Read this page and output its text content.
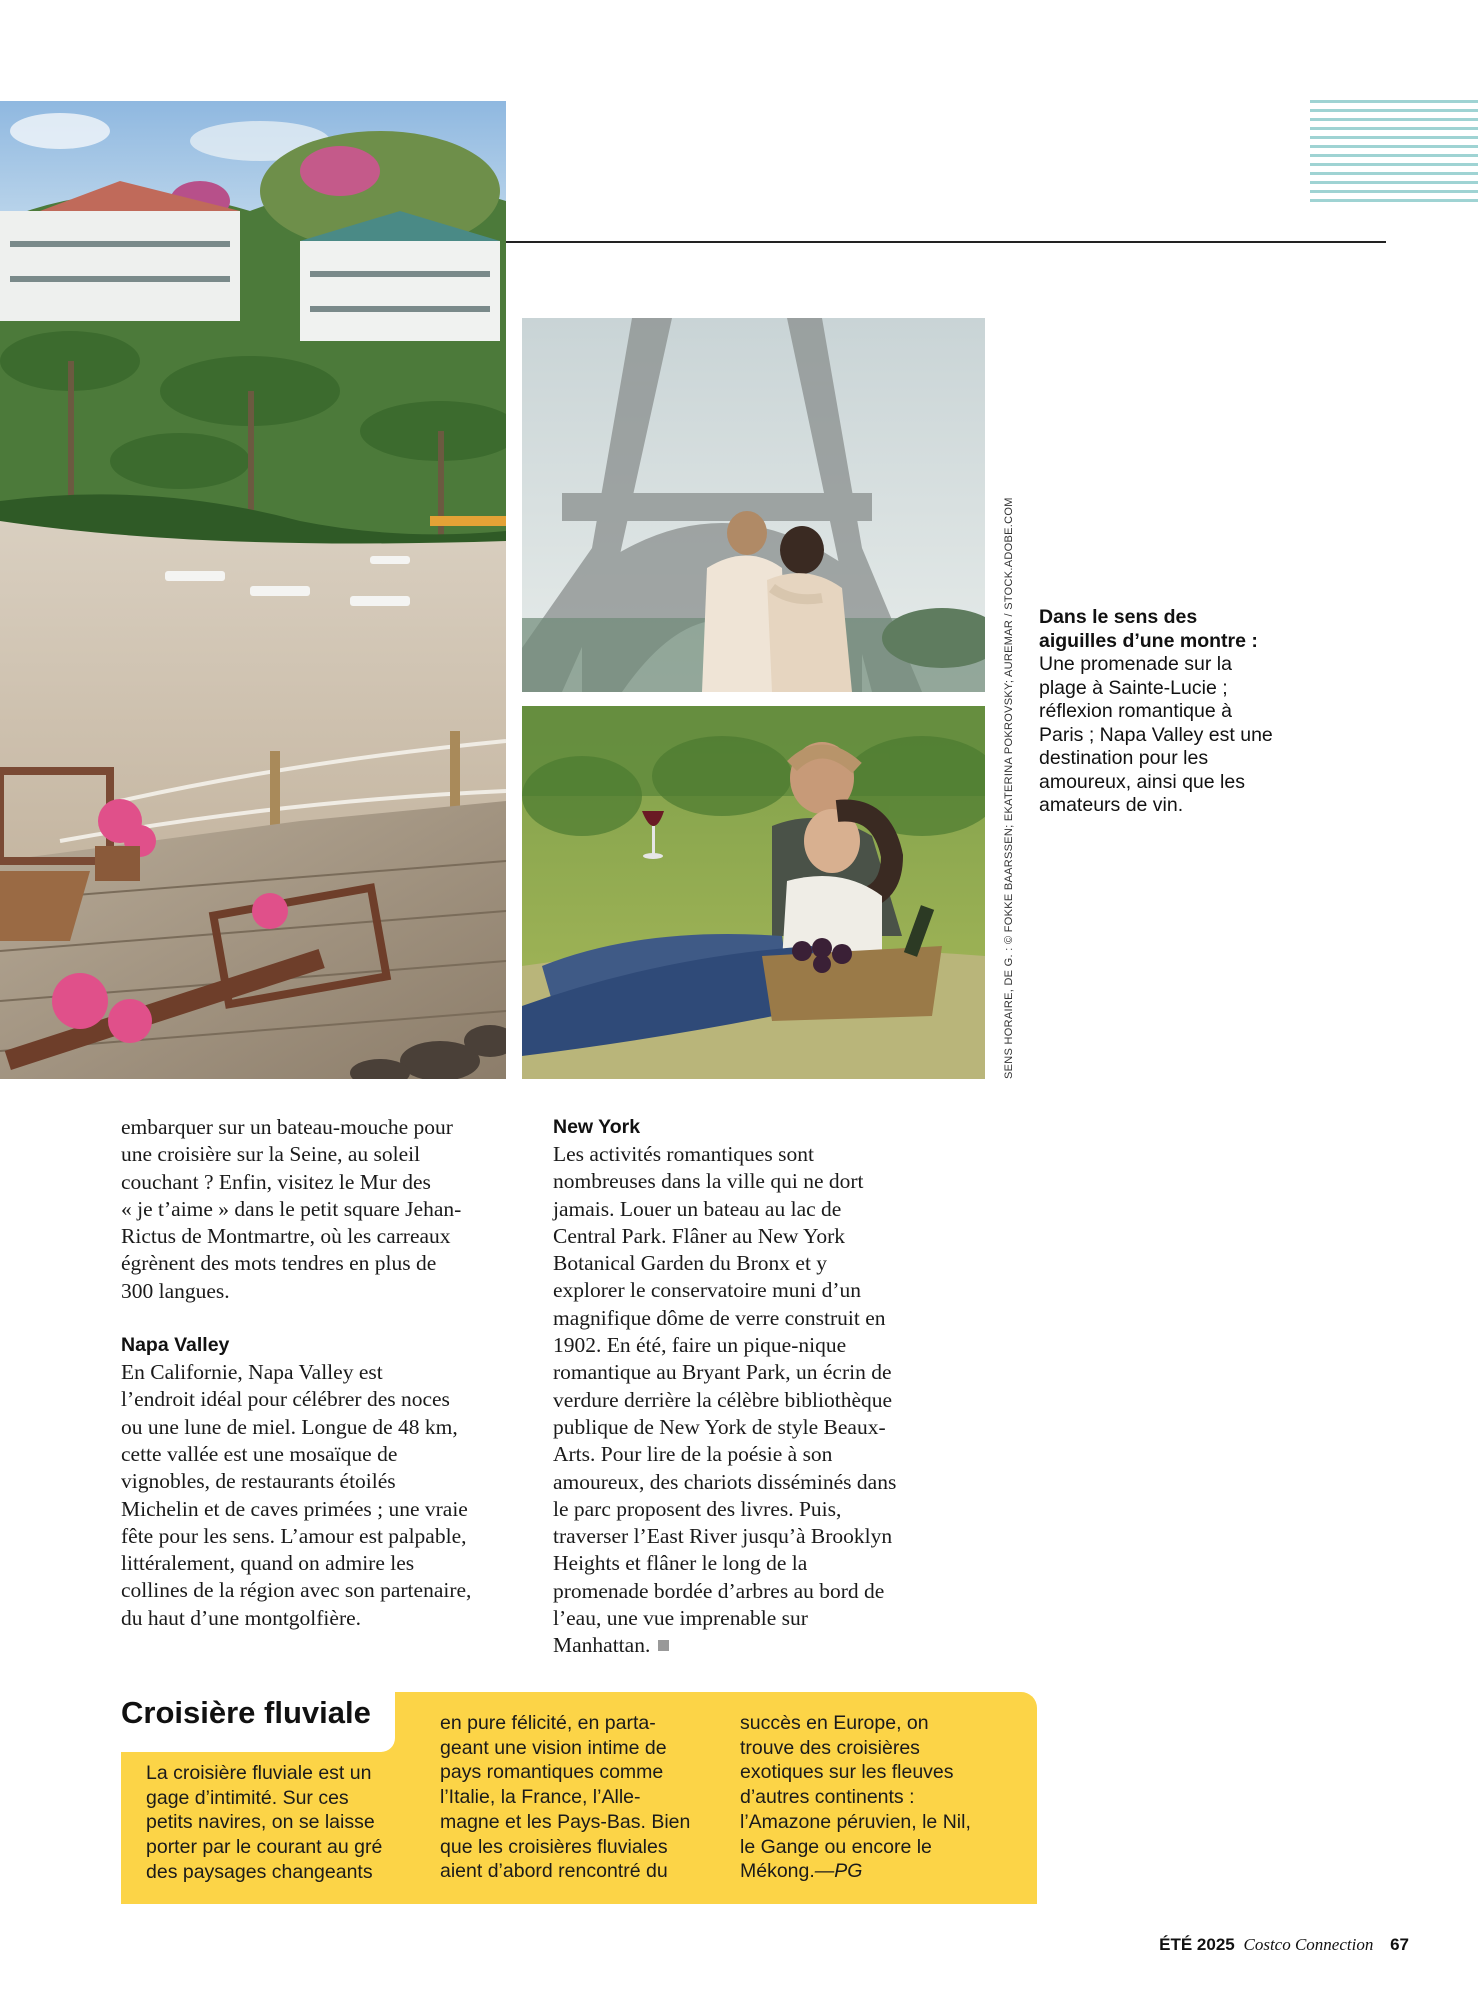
SENS HORAIRE, DE G. : © FOKKE BAARSSEN; EKATERINA POKROVSKY; AUREMAR / STOCK.ADOBE.COM Dans le sens des aiguilles d’une montre :
Une promenade sur la plage à Sainte-Lucie ; réflexion romantique à Paris ; Napa Valley est une destination pour les amoureux, ainsi que les amateurs de vin.

embarquer sur un bateau-mouche pour
une croisière sur la Seine, au soleil
couchant ? Enfin, visitez le Mur des
« je t’aime » dans le petit square Jehan-
Rictus de Montmartre, où les carreaux
égrènent des mots tendres en plus de
300 langues.

Napa Valley

En Californie, Napa Valley est
l’endroit idéal pour célébrer des noces
ou une lune de miel. Longue de 48 km,
cette vallée est une mosaïque de
vignobles, de restaurants étoilés
Michelin et de caves primées ; une vraie
fête pour les sens. L’amour est palpable,
littéralement, quand on admire les
collines de la région avec son partenaire,
du haut d’une montgolfière.

New York

Les activités romantiques sont
nombreuses dans la ville qui ne dort
jamais. Louer un bateau au lac de
Central Park. Flâner au New York
Botanical Garden du Bronx et y
explorer le conservatoire muni d’un
magnifique dôme de verre construit en
1902. En été, faire un pique-nique
romantique au Bryant Park, un écrin de
verdure derrière la célèbre bibliothèque
publique de New York de style Beaux-
Arts. Pour lire de la poésie à son
amoureux, des chariots disséminés dans
le parc proposent des livres. Puis,
traverser l’East River jusqu’à Brooklyn
Heights et flâner le long de la
promenade bordée d’arbres au bord de
l’eau, une vue imprenable sur
Manhattan.

Croisière fluviale
La croisière fluviale est un
gage d’intimité. Sur ces
petits navires, on se laisse
porter par le courant au gré
des paysages changeants
en pure félicité, en parta-
geant une vision intime de
pays romantiques comme
l’Italie, la France, l’Alle-
magne et les Pays-Bas. Bien
que les croisières fluviales
aient d’abord rencontré du
succès en Europe, on
trouve des croisières
exotiques sur les fleuves
d’autres continents :
l’Amazone péruvien, le Nil,
le Gange ou encore le
Mékong.—PG
ÉTÉ 2025 Costco Connection 67
